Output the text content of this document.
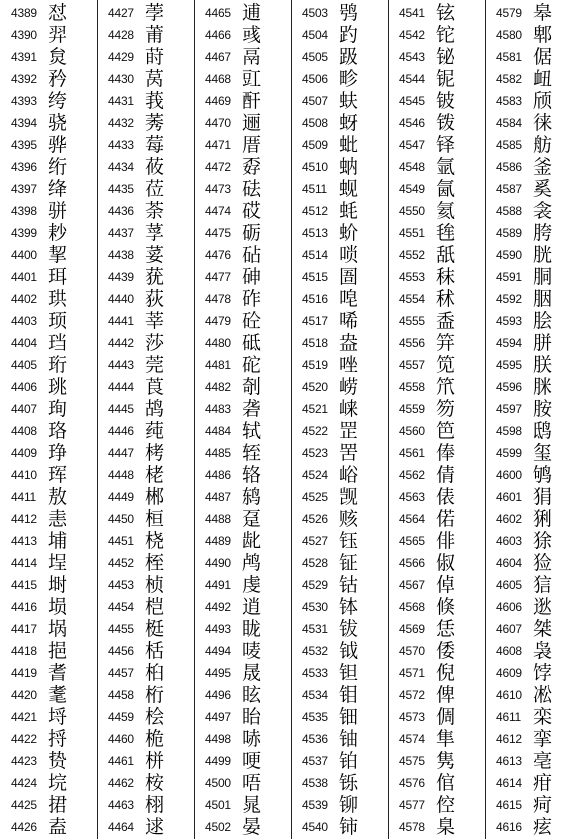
4389 怼
4390 羿
4391 炱
4392 矜
4393 绔
4394 骁
4395 骅
4396 绗
4397 绛
4398 骈
4399 耖
4400 挈
4401 珥
4402 珙
4403 顼
4404 珰
4405 珩
4406 珧
4407 珣
4408 珞
4409 琤
4410 珲
4411 敖
4412 恚
4413 埔
4414 埕
4415 埘
4416 埙
4417 埚
4418 挹
4419 耆
4420 耄
4421 埒
4422 捋
4423 贽
4424 垸
4425 捃
4426 盍
4427 荸
4428 莆
4429 莳
4430 莴
4431 莪
4432 莠
4433 莓
4434 莜
4435 莅
4436 荼
4437 莩
4438 荽
4439 莸
4440 荻
4441 莘
4442 莎
4443 莞
4444 莨
4445 鸪
4446 莼
4447 栲
4448 栳
4449 郴
4450 桓
4451 桡
4452 桎
4453 桢
4454 桤
4455 梃
4456 栝
4457 桕
4458 桁
4459 桧
4460 桅
4461 栟
4462 桉
4463 栩
4464 逑
4465 逋
4466 彧
4467 鬲
4468 豇
4469 酐
4470 逦
4471 厝
4472 孬
4473 砝
4474 砹
4475 砺
4476 砧
4477 砷
4478 砟
4479 砼
4480 砥
4481 砣
4482 剞
4483 砻
4484 轼
4485 轾
4486 辂
4487 鸫
4488 趸
4489 龀
4490 鸬
4491 虔
4492 逍
4493 眬
4494 唛
4495 晟
4496 眩
4497 眙
4498 哧
4499 哽
4500 唔
4501 晁
4502 晏
4503 鸮
4504 趵
4505 趿
4506 畛
4507 蚨
4508 蚜
4509 蚍
4510 蚋
4511 蚬
4512 蚝
4513 蚧
4514 唢
4515 圄
4516 唣
4517 唏
4518 盎
4519 唑
4520 崂
4521 崃
4522 罡
4523 罟
4524 峪
4525 觊
4526 赅
4527 钰
4528 钲
4529 钴
4530 钵
4531 钹
4532 钺
4533 钽
4534 钼
4535 钿
4536 铀
4537 铂
4538 铄
4539 铆
4540 铈
4541 铉
4542 铊
4543 铋
4544 铌
4545 铍
4546 䥽
4547 铎
4548 氩
4549 氤
4550 氦
4551 毪
4552 舐
4553 秣
4554 秫
4555 盉
4556 笄
4557 笕
4558 笊
4559 笏
4560 笆
4561 俸
4562 倩
4563 俵
4564 偌
4565 俳
4566 俶
4567 倬
4568 倏
4569 恁
4570 倭
4571 倪
4572 俾
4573 倜
4574 隼
4575 隽
4576 倌
4577 倥
4578 臬
4579 皋
4580 郫
4581 倨
4582 衄
4583 颀
4584 徕
4585 舫
4586 釜
4587 奚
4588 衾
4589 胯
4590 胱
4591 胴
4592 胭
4593 脍
4594 胼
4595 朕
4596 脒
4597 胺
4598 鸱
4599 玺
4600 鸲
4601 狷
4602 猁
4603 狳
4604 猃
4605 狺
4606 逖
4607 桀
4608 袅
4609 饽
4610 凇
4611 栾
4612 挛
4613 亳
4614 疳
4615 疴
4616 痃
